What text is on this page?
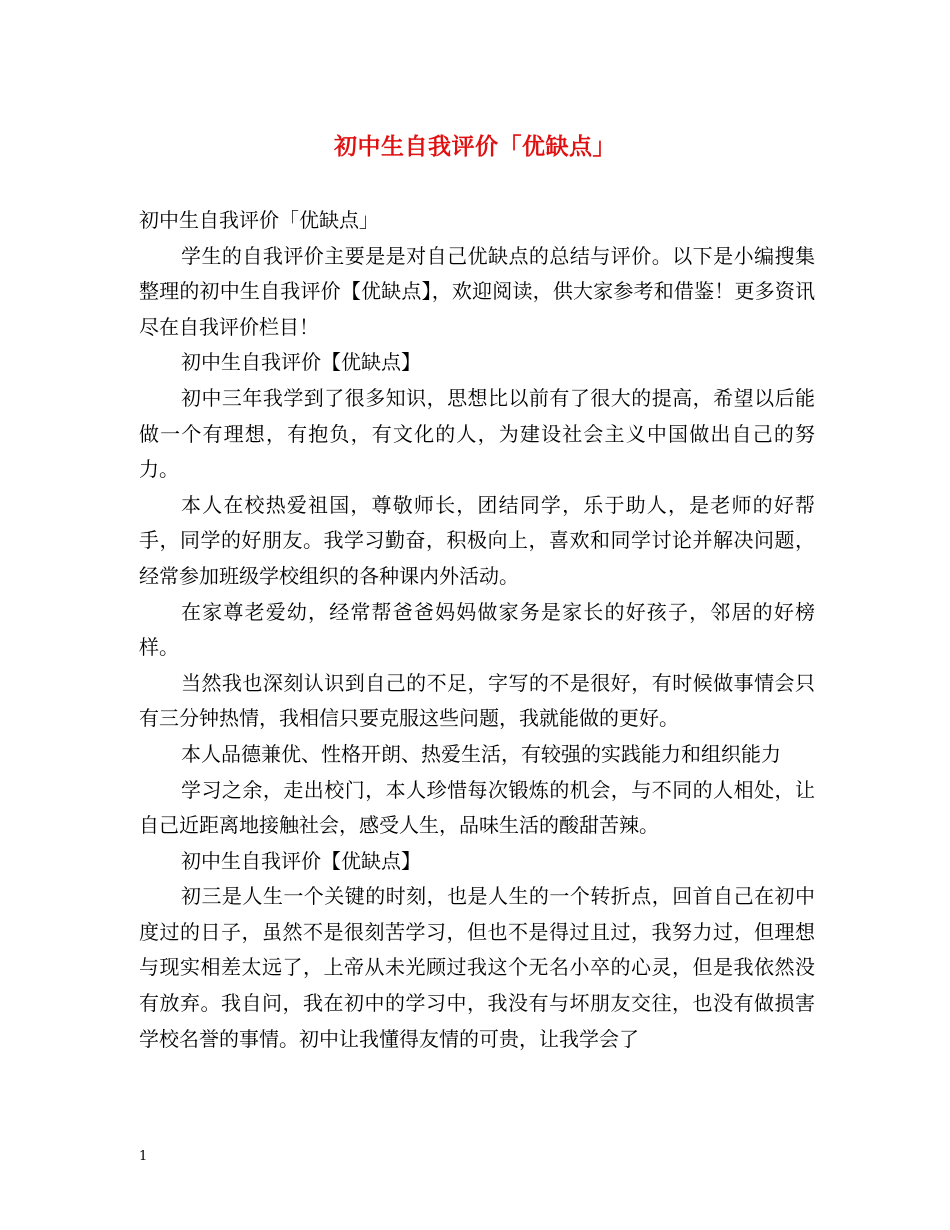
初中生自我评价「优缺点」

初中生自我评价「优缺点」

学生的自我评价主要是是对自己优缺点的总结与评价。以下是小编搜集整理的初中生自我评价【优缺点】，欢迎阅读，供大家参考和借鉴！更多资讯尽在自我评价栏目！

初中生自我评价【优缺点】

初中三年我学到了很多知识，思想比以前有了很大的提高，希望以后能做一个有理想，有抱负，有文化的人，为建设社会主义中国做出自己的努力。

本人在校热爱祖国，尊敬师长，团结同学，乐于助人，是老师的好帮手，同学的好朋友。我学习勤奋，积极向上，喜欢和同学讨论并解决问题，经常参加班级学校组织的各种课内外活动。

在家尊老爱幼，经常帮爸爸妈妈做家务是家长的好孩子，邻居的好榜样。

当然我也深刻认识到自己的不足，字写的不是很好，有时候做事情会只有三分钟热情，我相信只要克服这些问题，我就能做的更好。

本人品德兼优、性格开朗、热爱生活，有较强的实践能力和组织能力

学习之余，走出校门，本人珍惜每次锻炼的机会，与不同的人相处，让自己近距离地接触社会，感受人生，品味生活的酸甜苦辣。

初中生自我评价【优缺点】

初三是人生一个关键的时刻，也是人生的一个转折点，回首自己在初中度过的日子，虽然不是很刻苦学习，但也不是得过且过，我努力过，但理想与现实相差太远了，上帝从未光顾过我这个无名小卒的心灵，但是我依然没有放弃。我自问，我在初中的学习中，我没有与坏朋友交往，也没有做损害学校名誉的事情。初中让我懂得友情的可贵，让我学会了

1
